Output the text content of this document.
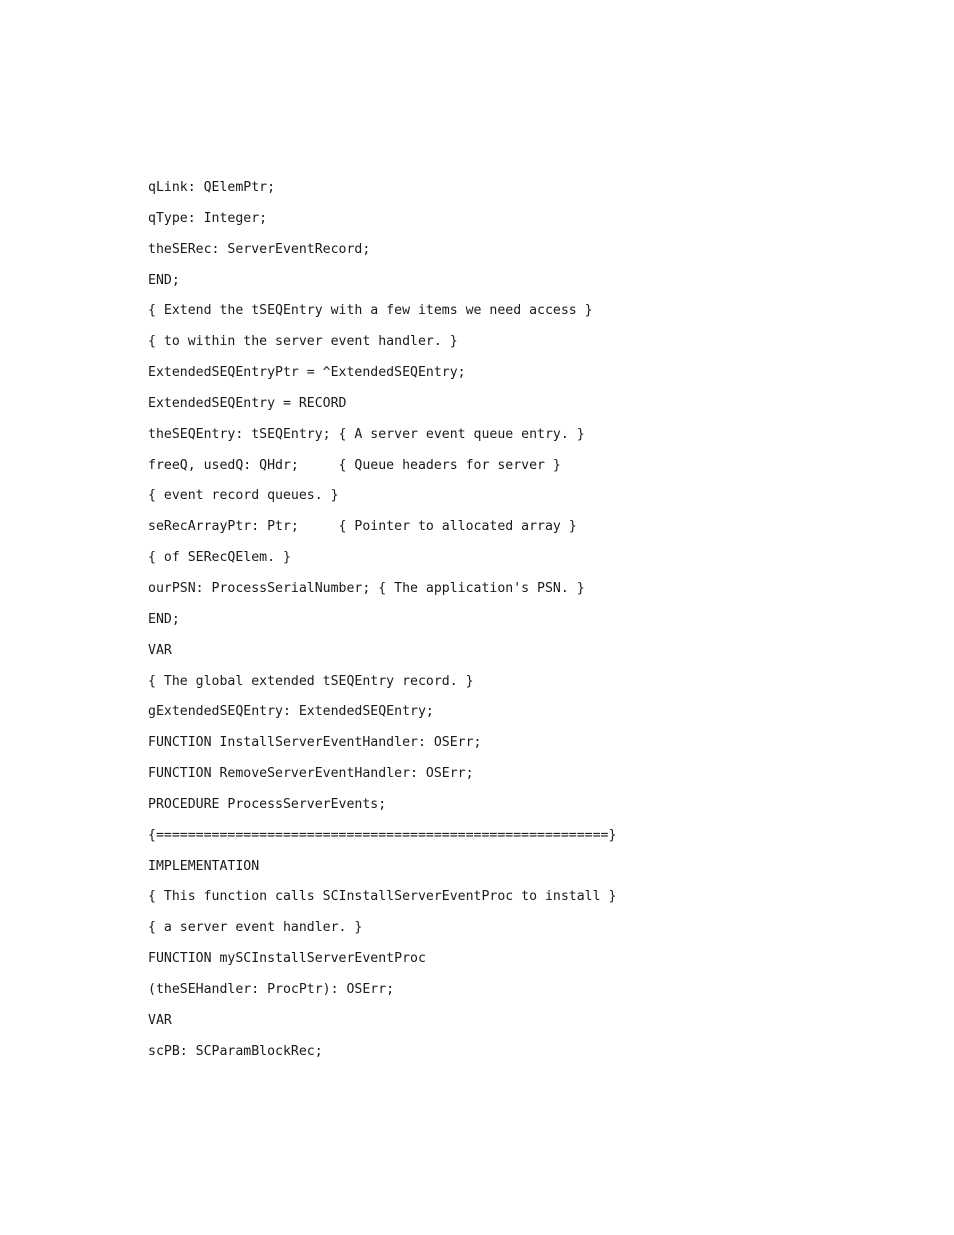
qLink: QElemPtr;
qType: Integer;
theSERec: ServerEventRecord;
END;
{ Extend the tSEQEntry with a few items we need access }
{ to within the server event handler. }
ExtendedSEQEntryPtr = ^ExtendedSEQEntry;
ExtendedSEQEntry = RECORD
theSEQEntry: tSEQEntry; { A server event queue entry. }
freeQ, usedQ: QHdr;     { Queue headers for server }
{ event record queues. }
seRecArrayPtr: Ptr;     { Pointer to allocated array }
{ of SERecQElem. }
ourPSN: ProcessSerialNumber; { The application's PSN. }
END;
VAR
{ The global extended tSEQEntry record. }
gExtendedSEQEntry: ExtendedSEQEntry;
FUNCTION InstallServerEventHandler: OSErr;
FUNCTION RemoveServerEventHandler: OSErr;
PROCEDURE ProcessServerEvents;
{=========================================================}
IMPLEMENTATION
{ This function calls SCInstallServerEventProc to install }
{ a server event handler. }
FUNCTION mySCInstallServerEventProc
(theSEHandler: ProcPtr): OSErr;
VAR
scPB: SCParamBlockRec;
